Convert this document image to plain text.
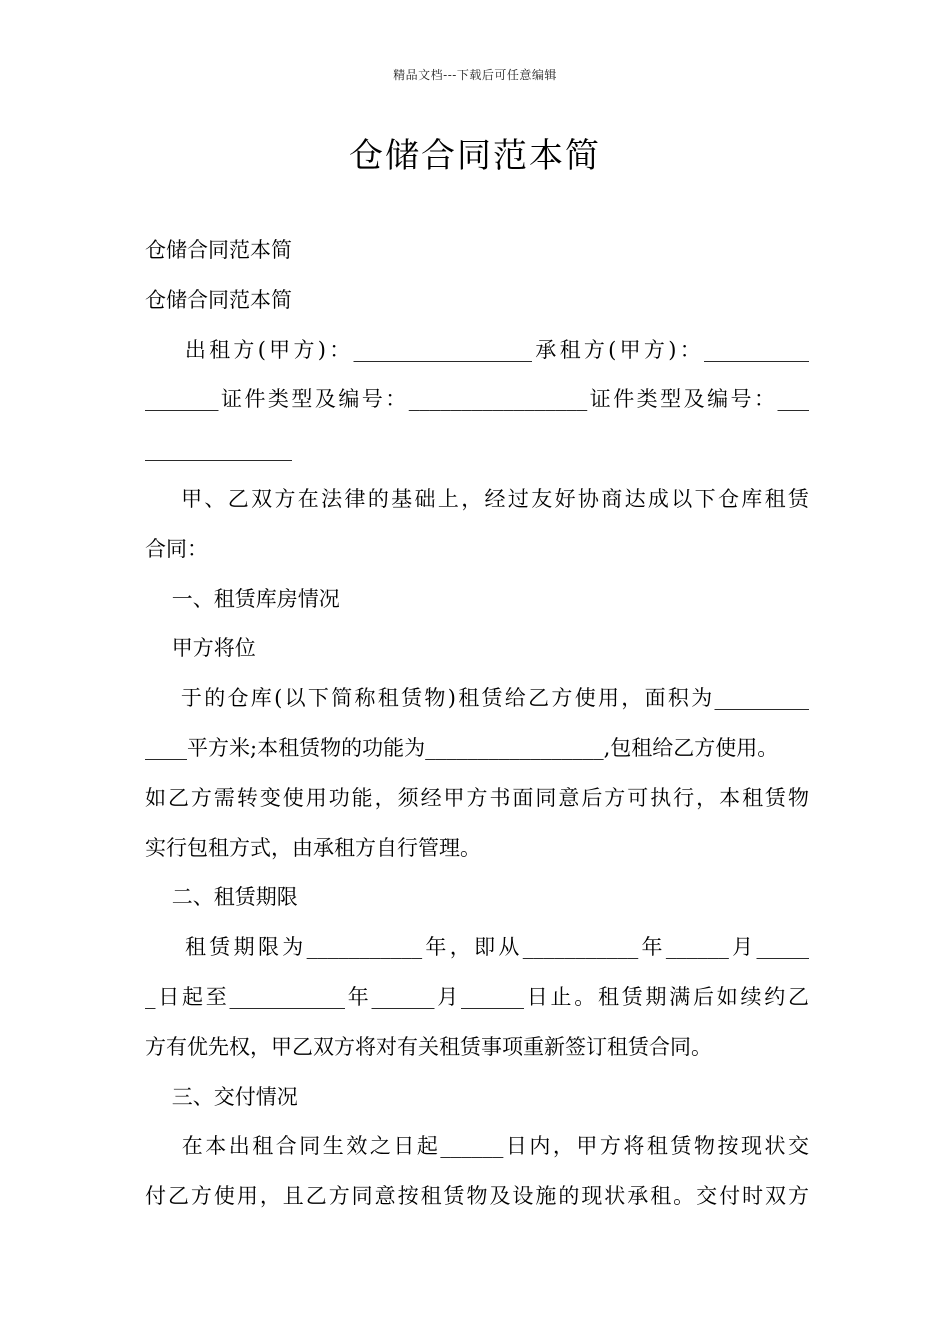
精品文档---下载后可任意编辑
仓储合同范本简
仓储合同范本简
仓储合同范本简
出租方(甲方)：_________________承租方(甲方)：__________
_______证件类型及编号：_________________证件类型及编号：___
______________
甲、乙双方在法律的基础上，经过友好协商达成以下仓库租赁
合同：
一、租赁库房情况
甲方将位
于的仓库(以下简称租赁物)租赁给乙方使用，面积为_________
____平方米;本租赁物的功能为_________________,包租给乙方使用。
如乙方需转变使用功能，须经甲方书面同意后方可执行，本租赁物
实行包租方式，由承租方自行管理。
二、租赁期限
租赁期限为___________年，即从___________年______月_____
_日起至___________年______月______日止。租赁期满后如续约乙
方有优先权，甲乙双方将对有关租赁事项重新签订租赁合同。
三、交付情况
在本出租合同生效之日起______日内，甲方将租赁物按现状交
付乙方使用，且乙方同意按租赁物及设施的现状承租。交付时双方
